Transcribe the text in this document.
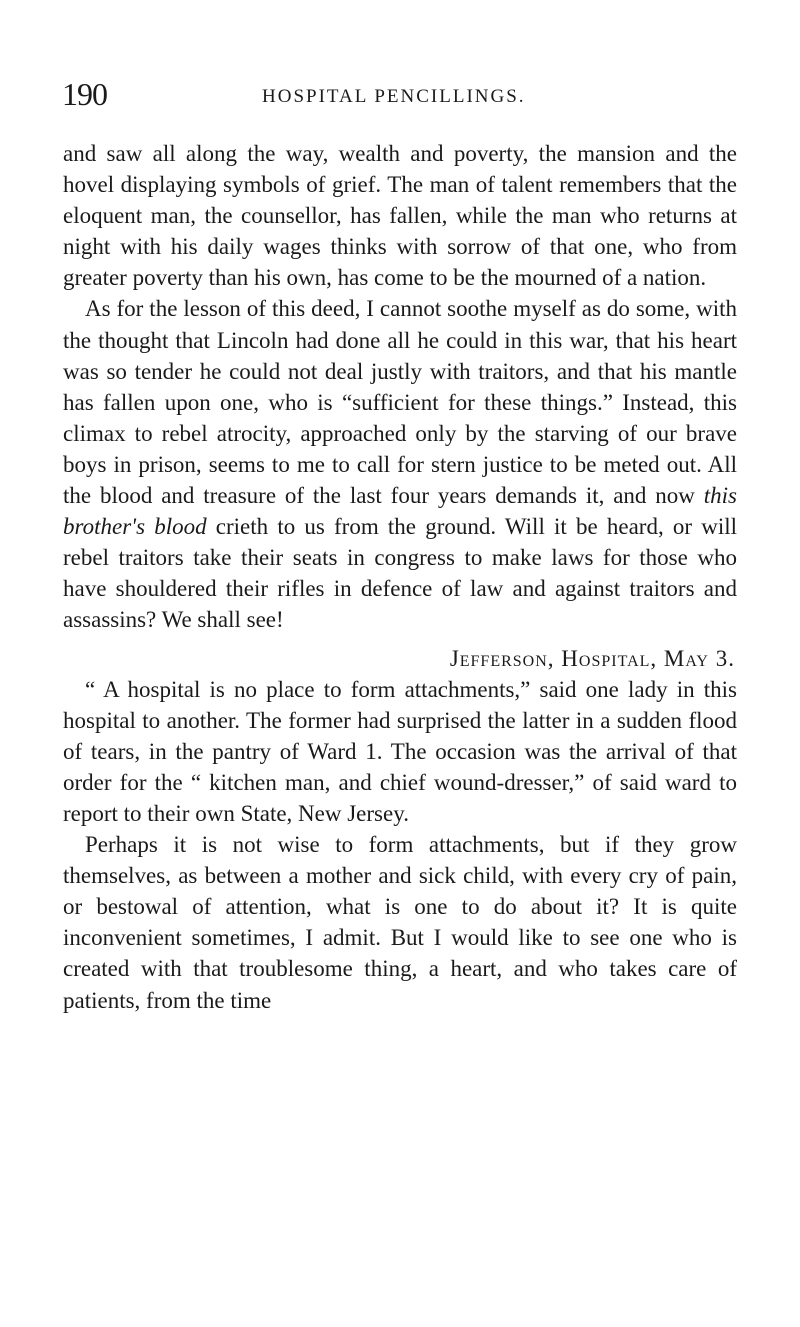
190	HOSPITAL PENCILLINGS.

and saw all along the way, wealth and poverty, the mansion and the hovel displaying symbols of grief. The man of talent remembers that the eloquent man, the counsellor, has fallen, while the man who returns at night with his daily wages thinks with sorrow of that one, who from greater poverty than his own, has come to be the mourned of a nation.

As for the lesson of this deed, I cannot soothe myself as do some, with the thought that Lincoln had done all he could in this war, that his heart was so tender he could not deal justly with traitors, and that his mantle has fallen upon one, who is “sufficient for these things.” Instead, this climax to rebel atrocity, approached only by the starving of our brave boys in prison, seems to me to call for stern justice to be meted out. All the blood and treasure of the last four years demands it, and now this brother's blood crieth to us from the ground. Will it be heard, or will rebel traitors take their seats in congress to make laws for those who have shouldered their rifles in defence of law and against traitors and assassins? We shall see!

Jefferson, Hospital, May 3.

“ A hospital is no place to form attachments,” said one lady in this hospital to another. The former had surprised the latter in a sudden flood of tears, in the pantry of Ward 1. The occasion was the arrival of that order for the “ kitchen man, and chief wound-dresser,” of said ward to report to their own State, New Jersey.

Perhaps it is not wise to form attachments, but if they grow themselves, as between a mother and sick child, with every cry of pain, or bestowal of attention, what is one to do about it? It is quite inconvenient sometimes, I admit. But I would like to see one who is created with that troublesome thing, a heart, and who takes care of patients, from the time
